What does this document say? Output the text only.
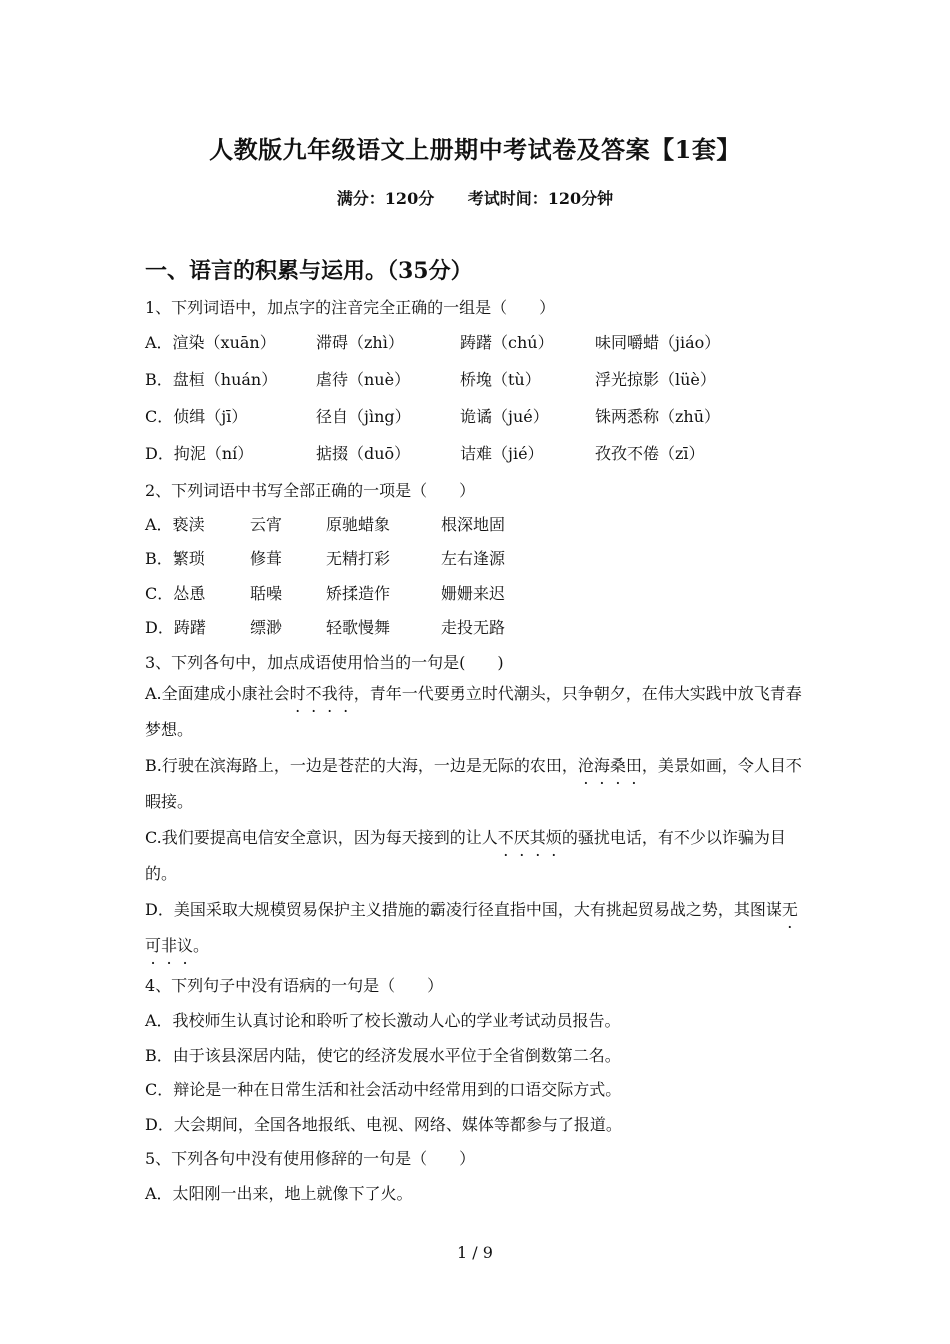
人教版九年级语文上册期中考试卷及答案【1套】
满分：120分 考试时间：120分钟
一、语言的积累与运用。（35分）
1、下列词语中，加点字的注音完全正确的一组是（　　）
A．渲染（xuān）	滞碍（zhì）	踌躇（chú）	味同嚼蜡（jiáo）
B．盘桓（huán） 虐待（nuè）	桥堍（tù）	浮光掠影（lüè）
C．侦缉（jī）	径自（jìng）	诡谲（jué）	铢两悉称（zhū）
D．拘泥（ní）	掂掇（duō）	诘难（jié）	孜孜不倦（zī）
2、下列词语中书写全部正确的一项是（　　）
A．亵渎	云宵	原驰蜡象	根深地固
B．繁琐	修葺	无精打彩	左右逢源
C．怂恿	聒噪	矫揉造作	姗姗来迟
D．踌躇	缥渺	轻歌慢舞	走投无路
3、下列各句中，加点成语使用恰当的一句是(　　)
A.全面建成小康社会时不我待，青年一代要勇立时代潮头，只争朝夕，在伟大实践中放飞青春梦想。
B.行驶在滨海路上，一边是苍茫的大海，一边是无际的农田，沧海桑田，美景如画，令人目不暇接。
C.我们要提高电信安全意识，因为每天接到的让人不厌其烦的骚扰电话，有不少以诈骗为目的。
D．美国采取大规模贸易保护主义措施的霸凌行径直指中国，大有挑起贸易战之势，其图谋无可非议。
4、下列句子中没有语病的一句是（　　）
A．我校师生认真讨论和聆听了校长激动人心的学业考试动员报告。
B．由于该县深居内陆，使它的经济发展水平位于全省倒数第二名。
C．辩论是一种在日常生活和社会活动中经常用到的口语交际方式。
D．大会期间，全国各地报纸、电视、网络、媒体等都参与了报道。
5、下列各句中没有使用修辞的一句是（　　）
A．太阳刚一出来，地上就像下了火。
1 / 9
